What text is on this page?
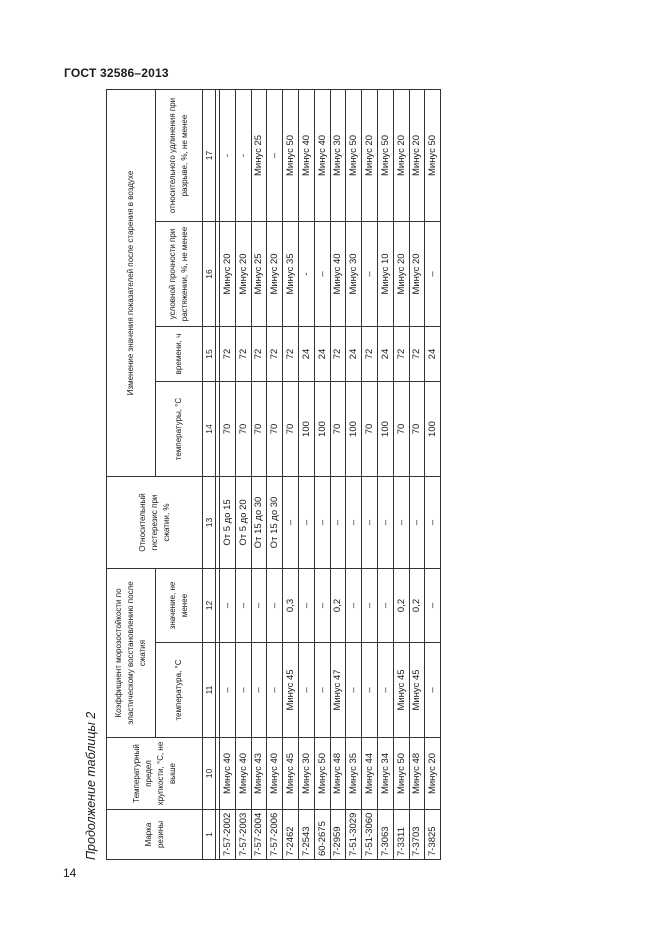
ГОСТ 32586–2013
Продолжение таблицы 2	Марка резины	Температурный предел хрупкости, °С, не выше	Коэффициент морозостойкости по эластическому восстановлению после сжатия		Относительный гистерезис при сжатии, %	Изменение значения показателей после старения в воздухе			
		температура, °С	значение, не менее		температуры, °С	времени, ч	условной прочности при растяжении, %, не менее	относительного удлинения при разрыве, %, не менее
1	10	11	12	13	14	15	16	17

7-57-2002	Минус 40	–	–	От 5 до 15	70	72	Минус 20	-
7-57-2003	Минус 40	–	–	От 5 до 20	70	72	Минус 20	-
7-57-2004	Минус 43	–	–	От 15 до 30	70	72	Минус 25	Минус 25
7-57-2006	Минус 40	–	–	От 15 до 30	70	72	Минус 20	–
7-2462	Минус 45	Минус 45	0,3	–	70	72	Минус 35	Минус 50
7-2543	Минус 30	–	–	–	100	24	-	Минус 40
60-2675	Минус 50	–	–	–	100	24	–	Минус 40
7-2959	Минус 48	Минус 47	0,2	–	70	72	Минус 40	Минус 30
7-51-3029	Минус 35	–	–	–	100	24	Минус 30	Минус 50
7-51-3060	Минус 44	–	–	–	70	72	–	Минус 20
7-3063	Минус 34	–	–	–	100	24	Минус 10	Минус 50
7-3311	Минус 50	Минус 45	0,2	–	70	72	Минус 20	Минус 20
7-3703	Минус 48	Минус 45	0,2	–	70	72	Минус 20	Минус 20
7-3825	Минус 20	–	–	–	100	24	–	Минус 50
14
